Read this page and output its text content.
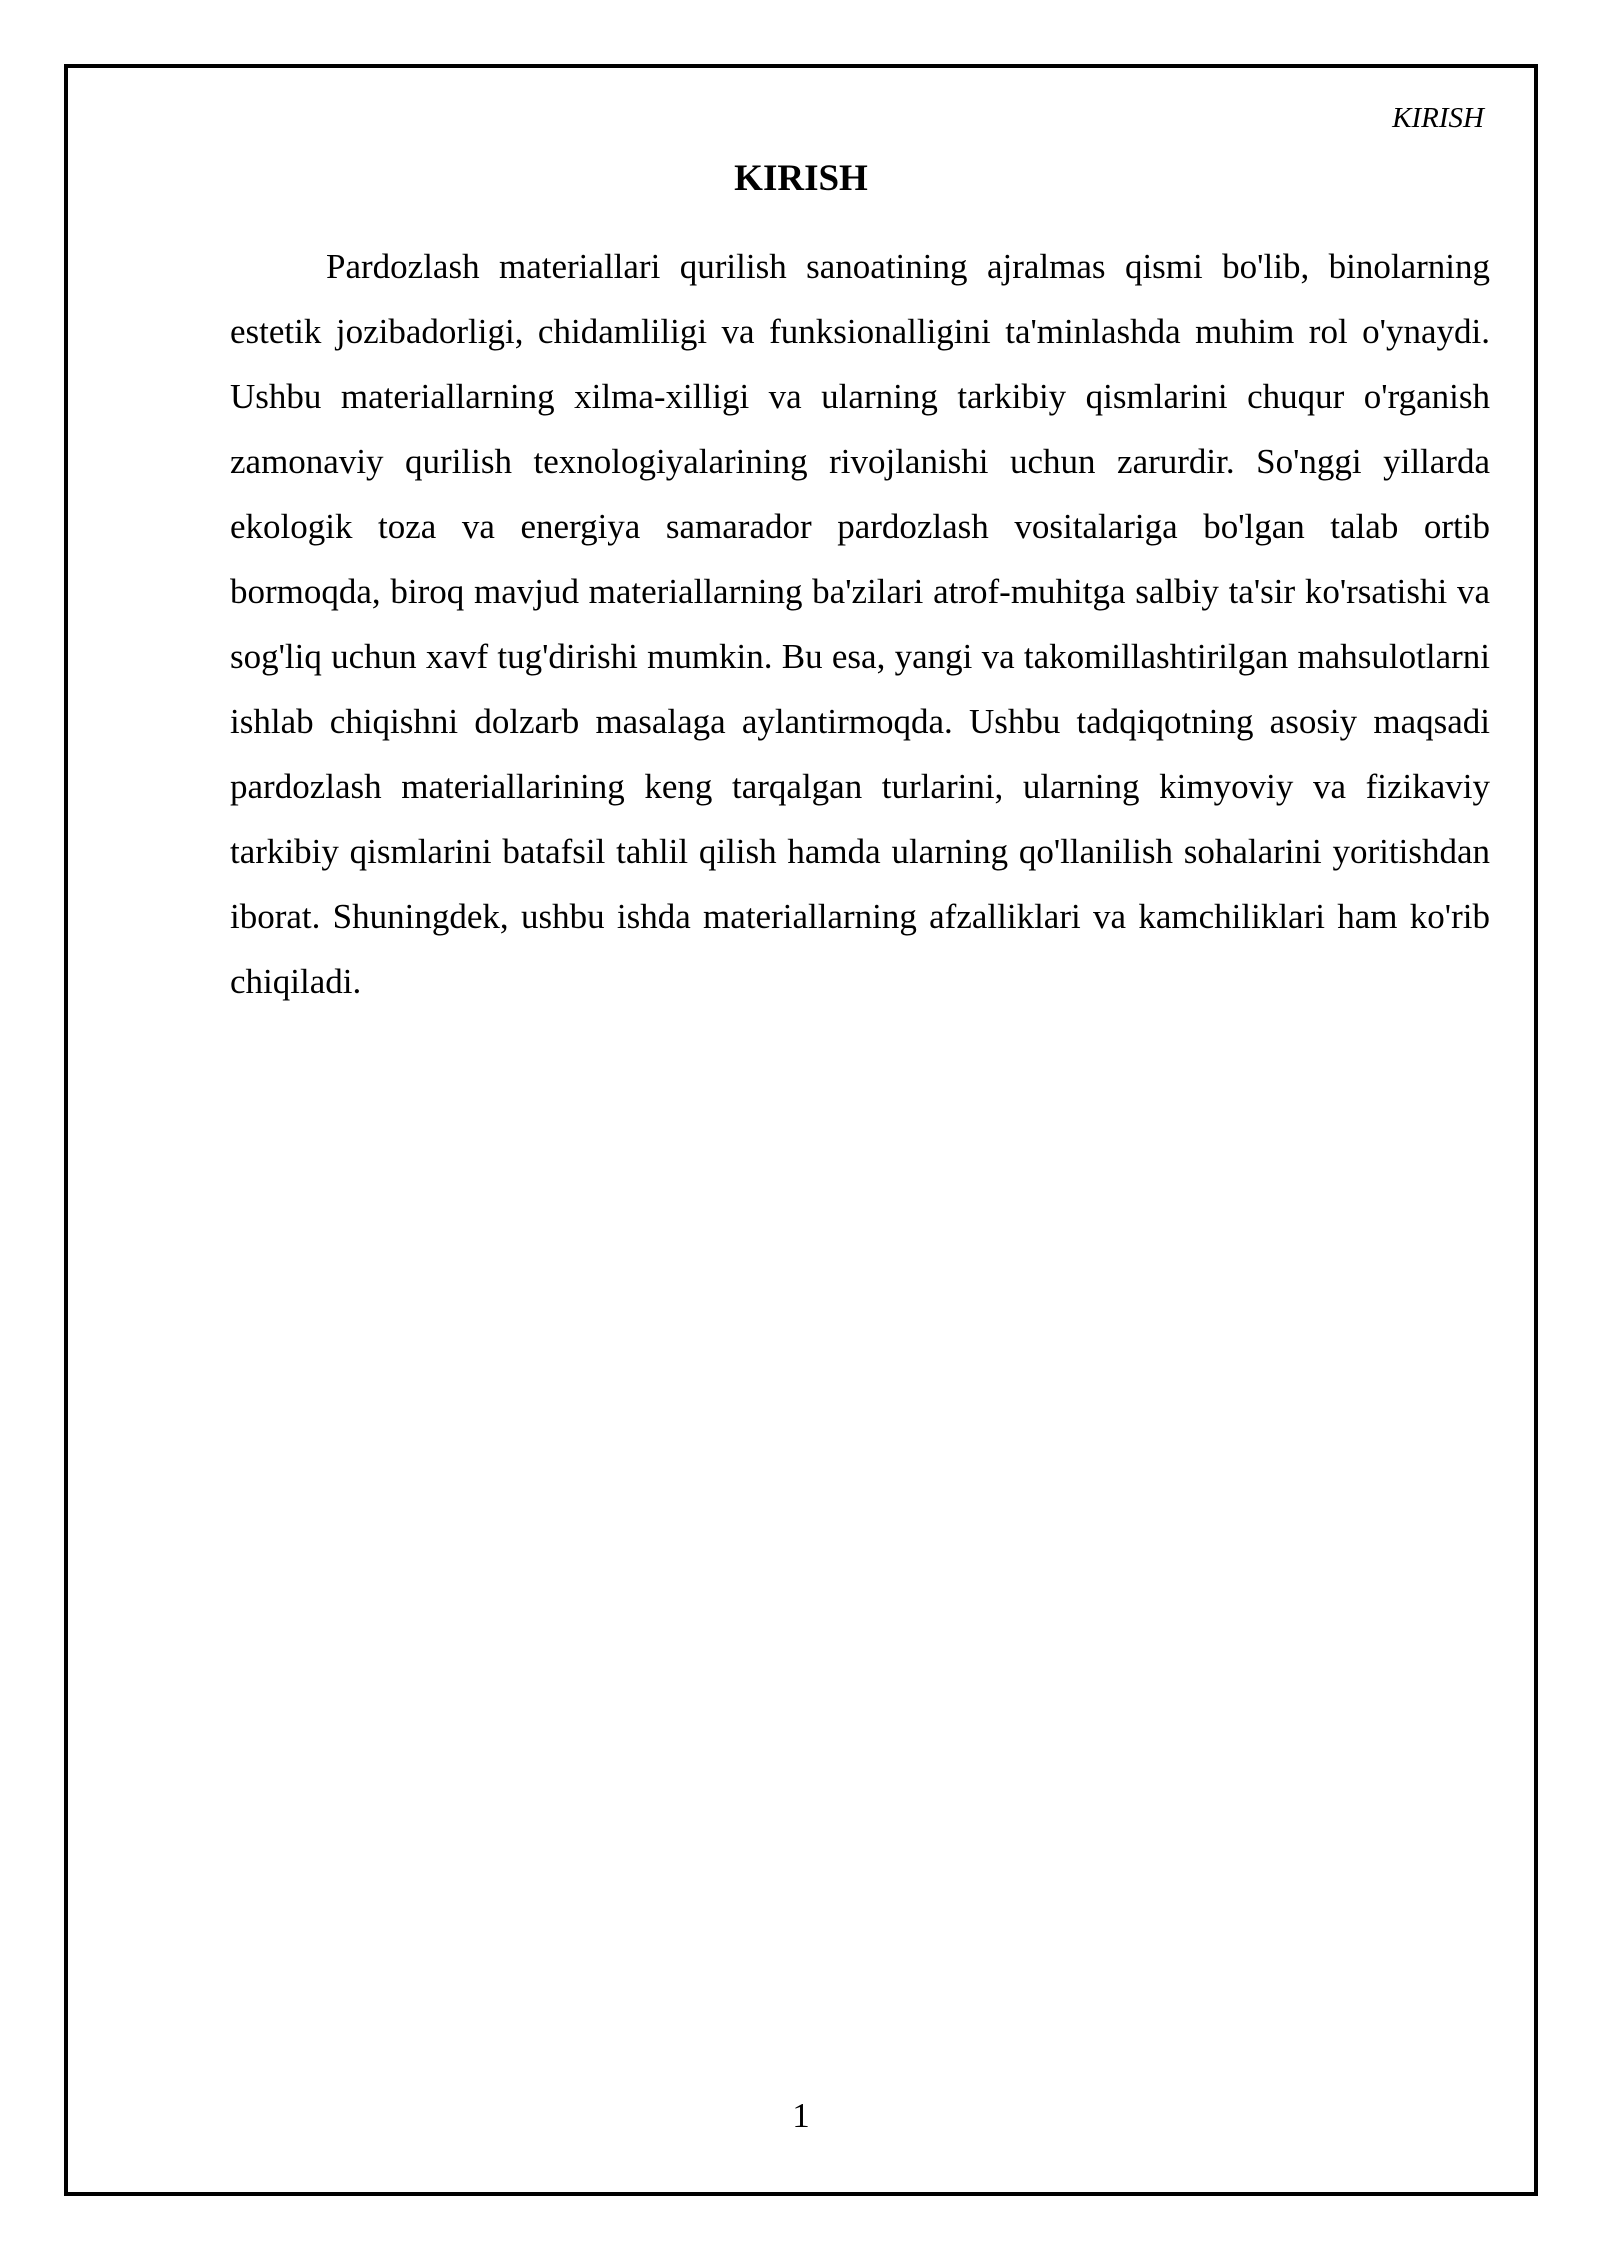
KIRISH
KIRISH

Pardozlash materiallari qurilish sanoatining ajralmas qismi bo'lib, binolarning estetik jozibadorligi, chidamliligi va funksionalligini ta'minlashda muhim rol o'ynaydi. Ushbu materiallarning xilma-xilligi va ularning tarkibiy qismlarini chuqur o'rganish zamonaviy qurilish texnologiyalarining rivojlanishi uchun zarurdir. So'nggi yillarda ekologik toza va energiya samarador pardozlash vositalariga bo'lgan talab ortib bormoqda, biroq mavjud materiallarning ba'zilari atrof-muhitga salbiy ta'sir ko'rsatishi va sog'liq uchun xavf tug'dirishi mumkin. Bu esa, yangi va takomillashtirilgan mahsulotlarni ishlab chiqishni dolzarb masalaga aylantirmoqda. Ushbu tadqiqotning asosiy maqsadi pardozlash materiallarining keng tarqalgan turlarini, ularning kimyoviy va fizikaviy tarkibiy qismlarini batafsil tahlil qilish hamda ularning qo'llanilish sohalarini yoritishdan iborat. Shuningdek, ushbu ishda materiallarning afzalliklari va kamchiliklari ham ko'rib chiqiladi.

1
